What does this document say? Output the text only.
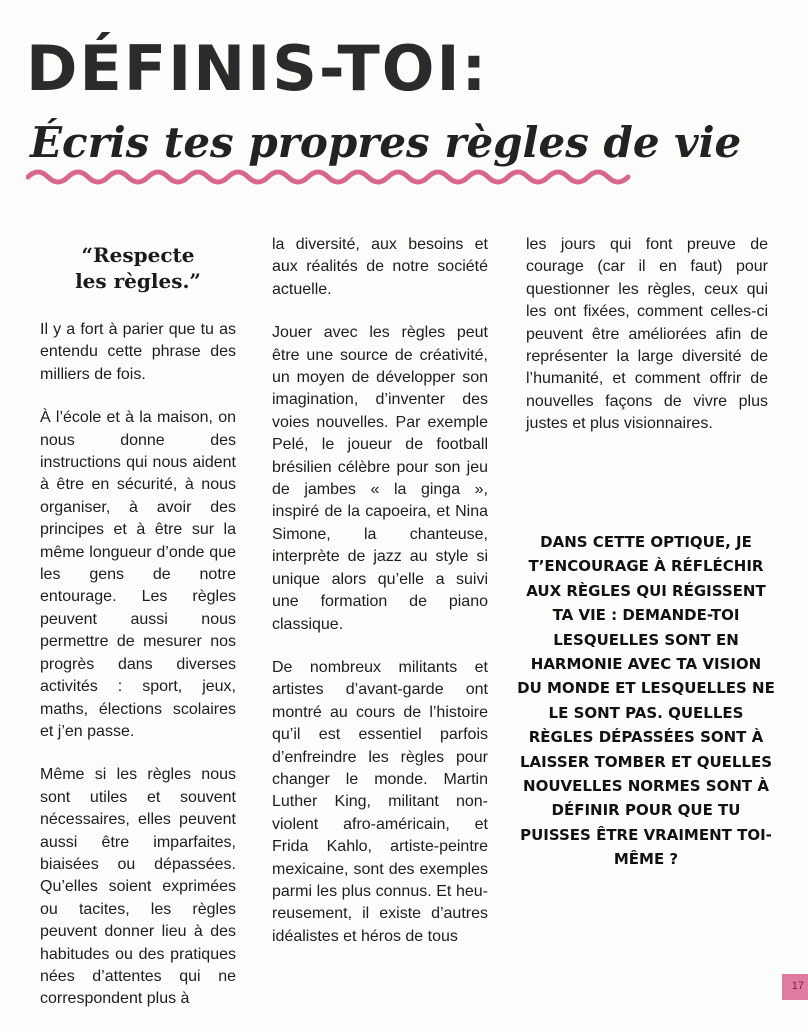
DÉFINIS-TOI:
Écris tes propres règles de vie
“Respecte
les règles.”

Il y a fort à parier que tu as entendu cette phrase des milliers de fois.

À l’école et à la maison, on nous donne des instructions qui nous aident à être en sécurité, à nous organiser, à avoir des principes et à être sur la même longueur d’onde que les gens de notre entourage. Les règles peuvent aussi nous permettre de mesurer nos progrès dans diverses activités : sport, jeux, maths, élections scolaires et j’en passe.

Même si les règles nous sont utiles et souvent nécessaires, elles peuvent aussi être imparfaites, biaisées ou dépassées. Qu’elles soient exprimées ou tacites, les règles peuvent donner lieu à des habitudes ou des pratiques nées d’attentes qui ne correspondent plus à

la diversité, aux besoins et aux réalités de notre société actuelle.

Jouer avec les règles peut être une source de créativité, un moyen de développer son imagination, d’inventer des voies nouvelles. Par exemple Pelé, le joueur de football brésilien célèbre pour son jeu de jambes « la ginga », inspiré de la capoeira, et Nina Simone, la chanteuse, interprète de jazz au style si unique alors qu’elle a suivi une formation de piano classique.

De nombreux militants et artistes d’avant-garde ont montré au cours de l’histoire qu’il est essentiel parfois d’enfreindre les règles pour changer le monde. Martin Luther King, militant non-violent afro-américain, et Frida Kahlo, artiste-peintre mexicaine, sont des exemples parmi les plus connus. Et heu-reusement, il existe d’autres idéalistes et héros de tous

les jours qui font preuve de courage (car il en faut) pour questionner les règles, ceux qui les ont fixées, comment celles-ci peuvent être améliorées afin de représenter la large diversité de l’humanité, et comment offrir de nouvelles façons de vivre plus justes et plus visionnaires.

DANS CETTE OPTIQUE, JE T’ENCOURAGE À RÉFLÉCHIR AUX RÈGLES QUI RÉGISSENT TA VIE : DEMANDE-TOI LESQUELLES SONT EN HARMONIE AVEC TA VISION DU MONDE ET LESQUELLES NE LE SONT PAS. QUELLES RÈGLES DÉPASSÉES SONT À LAISSER TOMBER ET QUELLES NOUVELLES NORMES SONT À DÉFINIR POUR QUE TU PUISSES ÊTRE VRAIMENT TOI-MÊME ?

17
